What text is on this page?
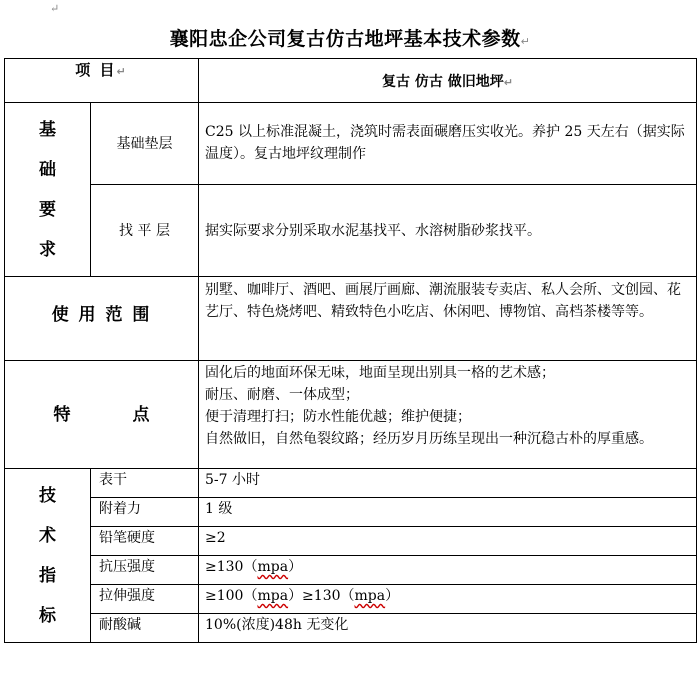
↵
襄阳忠企公司复古仿古地坪基本技术参数↵
项 目↵		复古 仿古 做旧地坪↵

基
础
要
求	基础垫层	C25 以上标准混凝土，浇筑时需表面碾磨压实收光。养护 25 天左右（据实际温度）。复古地坪纹理制作
	找 平 层	据实际要求分别采取水泥基找平、水溶树脂砂浆找平。
使 用 范 围		别墅、咖啡厅、酒吧、画展厅画廊、潮流服装专卖店、私人会所、文创园、花艺厅、特色烧烤吧、精致特色小吃店、休闲吧、博物馆、高档茶楼等等。
特 点		固化后的地面环保无味，地面呈现出别具一格的艺术感；
耐压、耐磨、一体成型；
便于清理打扫；防水性能优越；维护便捷；
自然做旧，自然龟裂纹路；经历岁月历练呈现出一种沉稳古朴的厚重感。

技
术
指
标	表干	5-7 小时
	附着力	1 级
	铅笔硬度	≥2
	抗压强度	≥130（mpa）
	拉伸强度	≥100（mpa）≥130（mpa）
	耐酸碱	10%(浓度)48h 无变化
